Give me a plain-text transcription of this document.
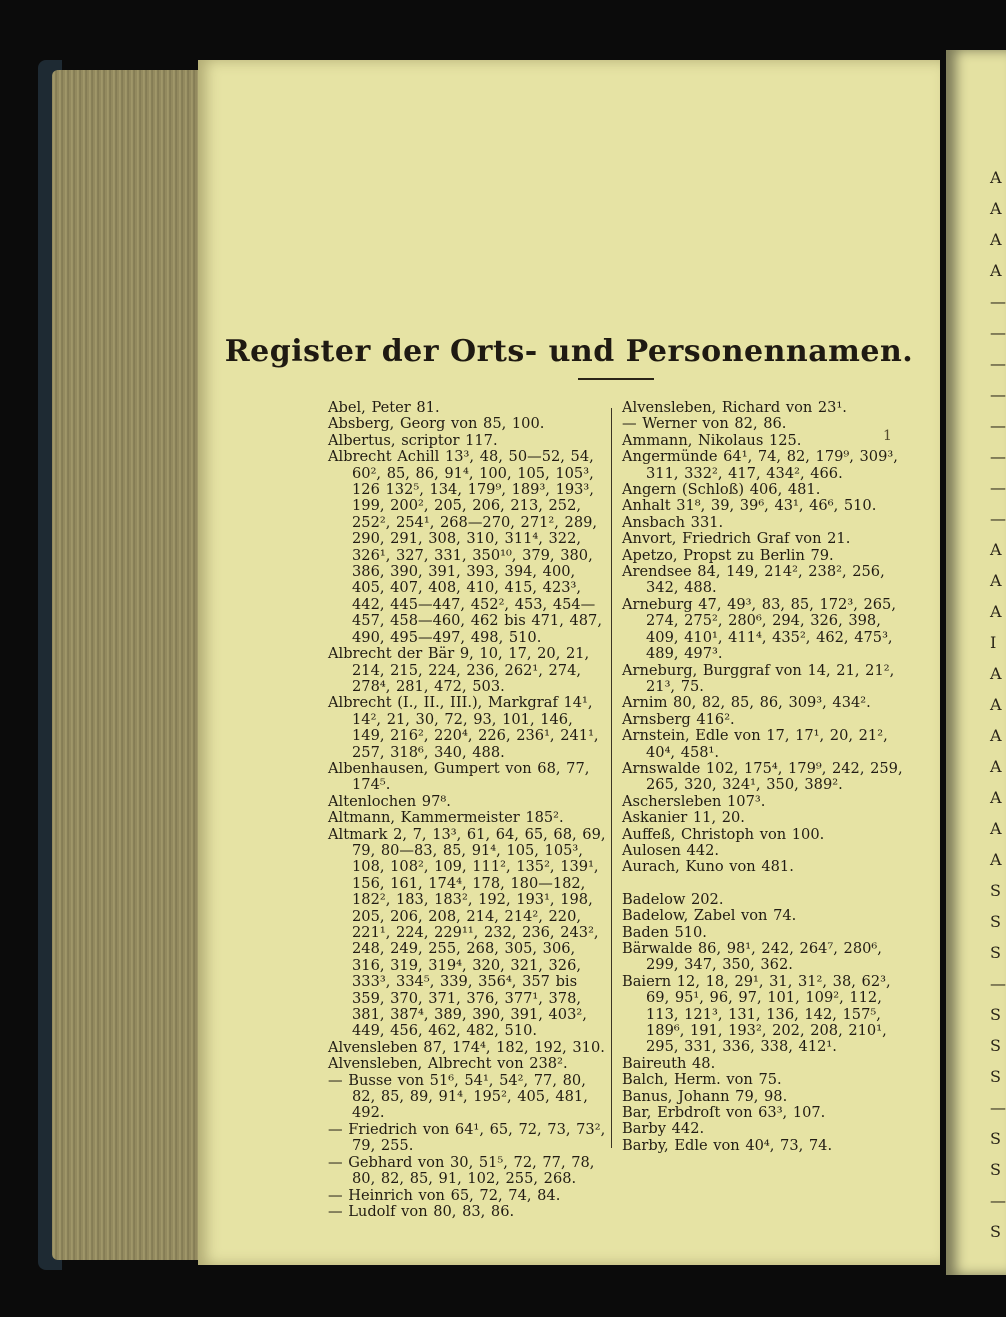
A
A
A
A
—
—
—
—
—
—
—
—
A
A
A
I
A
A
A
A
A
A
A
S
S
S
—
S
S
S
—
S
S
—
S
Register der Orts- und Personennamen.
1

Abel, Peter 81.

Absberg, Georg von 85, 100.

Albertus, scriptor 117.

Albrecht Achill 13³, 48, 50—52, 54, 60², 85, 86, 91⁴, 100, 105, 105³, 126 132⁵, 134, 179⁹, 189³, 193³, 199, 200², 205, 206, 213, 252, 252², 254¹, 268—270, 271², 289, 290, 291, 308, 310, 311⁴, 322, 326¹, 327, 331, 350¹⁰, 379, 380, 386, 390, 391, 393, 394, 400, 405, 407, 408, 410, 415, 423³, 442, 445—447, 452², 453, 454—457, 458—460, 462 bis 471, 487, 490, 495—497, 498, 510.

Albrecht der Bär 9, 10, 17, 20, 21, 214, 215, 224, 236, 262¹, 274, 278⁴, 281, 472, 503.

Albrecht (I., II., III.), Markgraf 14¹, 14², 21, 30, 72, 93, 101, 146, 149, 216², 220⁴, 226, 236¹, 241¹, 257, 318⁶, 340, 488.

Albenhausen, Gumpert von 68, 77, 174⁵.

Altenlochen 97⁸.

Altmann, Kammermeister 185².

Altmark 2, 7, 13³, 61, 64, 65, 68, 69, 79, 80—83, 85, 91⁴, 105, 105³, 108, 108², 109, 111², 135², 139¹, 156, 161, 174⁴, 178, 180—182, 182², 183, 183², 192, 193¹, 198, 205, 206, 208, 214, 214², 220, 221¹, 224, 229¹¹, 232, 236, 243², 248, 249, 255, 268, 305, 306, 316, 319, 319⁴, 320, 321, 326, 333³, 334⁵, 339, 356⁴, 357 bis 359, 370, 371, 376, 377¹, 378, 381, 387⁴, 389, 390, 391, 403², 449, 456, 462, 482, 510.

Alvensleben 87, 174⁴, 182, 192, 310.

Alvensleben, Albrecht von 238².

— Busse von 51⁶, 54¹, 54², 77, 80, 82, 85, 89, 91⁴, 195², 405, 481, 492.

— Friedrich von 64¹, 65, 72, 73, 73², 79, 255.

— Gebhard von 30, 51⁵, 72, 77, 78, 80, 82, 85, 91, 102, 255, 268.

— Heinrich von 65, 72, 74, 84.

— Ludolf von 80, 83, 86.

Alvensleben, Richard von 23¹.

— Werner von 82, 86.

Ammann, Nikolaus 125.

Angermünde 64¹, 74, 82, 179⁹, 309³, 311, 332², 417, 434², 466.

Angern (Schloß) 406, 481.

Anhalt 31⁸, 39, 39⁶, 43¹, 46⁶, 510.

Ansbach 331.

Anvort, Friedrich Graf von 21.

Apetzo, Propst zu Berlin 79.

Arendsee 84, 149, 214², 238², 256, 342, 488.

Arneburg 47, 49³, 83, 85, 172³, 265, 274, 275², 280⁶, 294, 326, 398, 409, 410¹, 411⁴, 435², 462, 475³, 489, 497³.

Arneburg, Burggraf von 14, 21, 21², 21³, 75.

Arnim 80, 82, 85, 86, 309³, 434².

Arnsberg 416².

Arnstein, Edle von 17, 17¹, 20, 21², 40⁴, 458¹.

Arnswalde 102, 175⁴, 179⁹, 242, 259, 265, 320, 324¹, 350, 389².

Aschersleben 107³.

Askanier 11, 20.

Auffeß, Christoph von 100.

Aulosen 442.

Aurach, Kuno von 481.

Badelow 202.

Badelow, Zabel von 74.

Baden 510.

Bärwalde 86, 98¹, 242, 264⁷, 280⁶, 299, 347, 350, 362.

Baiern 12, 18, 29¹, 31, 31², 38, 62³, 69, 95¹, 96, 97, 101, 109², 112, 113, 121³, 131, 136, 142, 157⁵, 189⁶, 191, 193², 202, 208, 210¹, 295, 331, 336, 338, 412¹.

Baireuth 48.

Balch, Herm. von 75.

Banus, Johann 79, 98.

Bar, Erbdroſt von 63³, 107.

Barby 442.

Barby, Edle von 40⁴, 73, 74.
